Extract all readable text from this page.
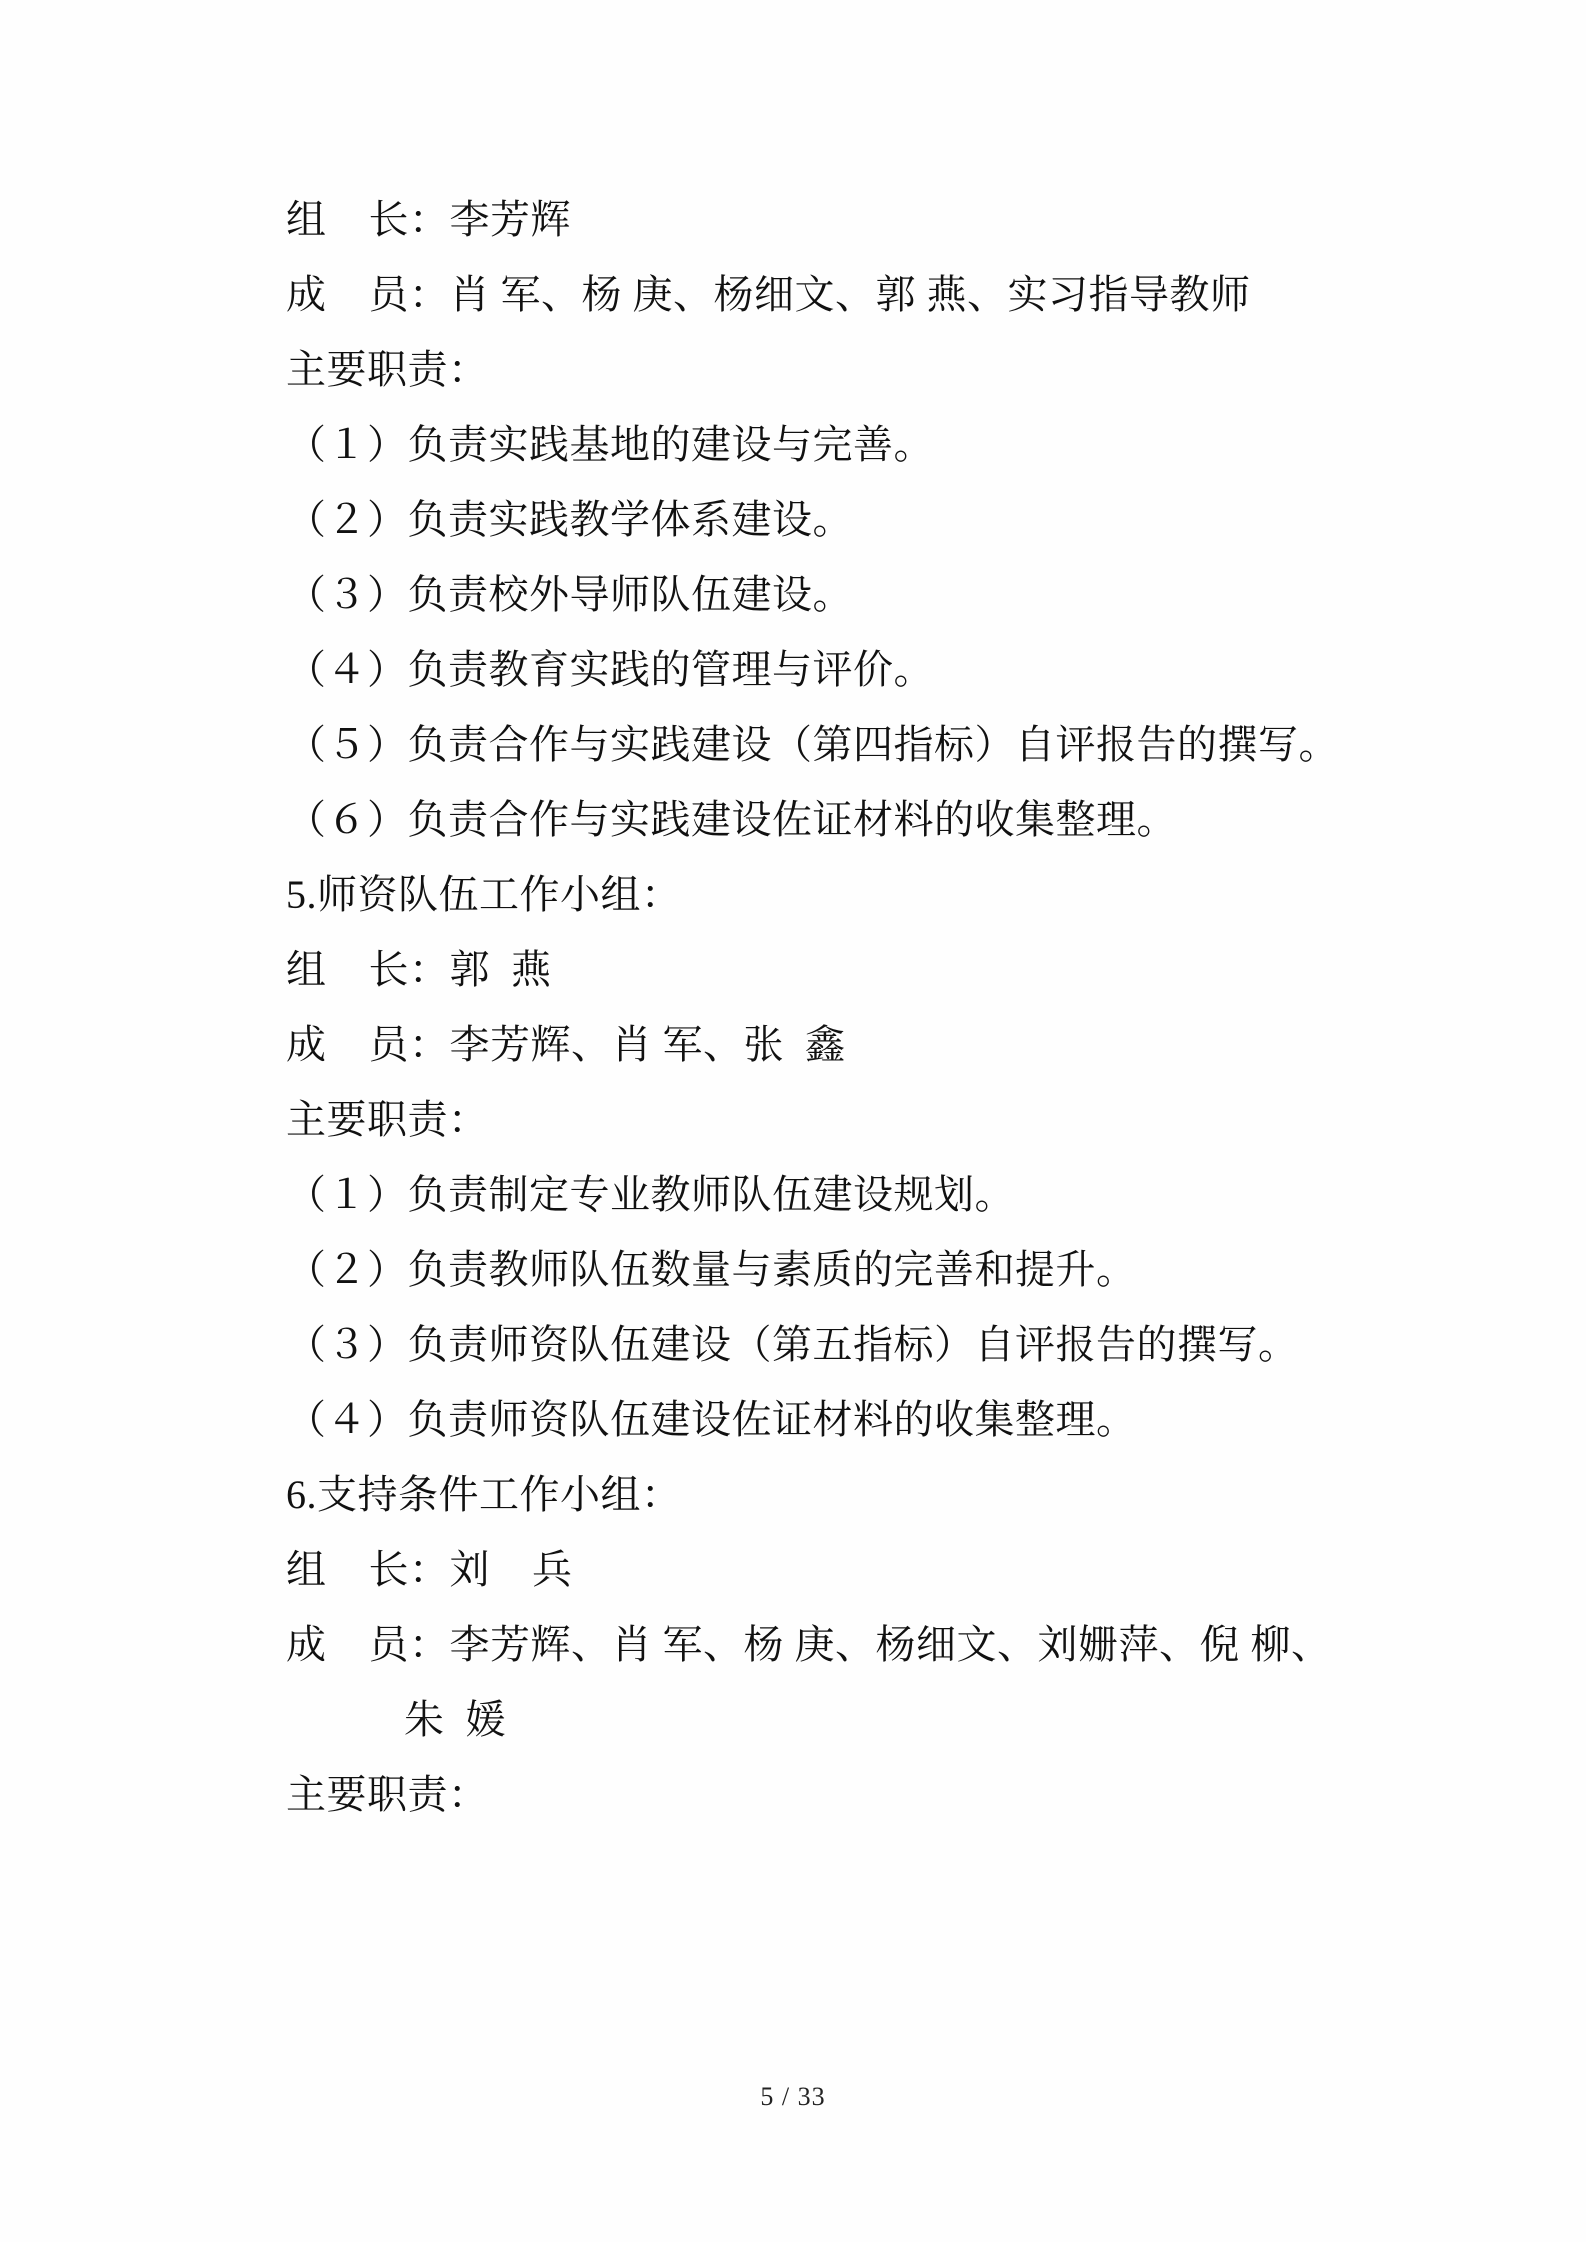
组    长：李芳辉
成    员：肖 军、杨 庚、杨细文、郭 燕、实习指导教师
主要职责：
（１）负责实践基地的建设与完善。
（２）负责实践教学体系建设。
（３）负责校外导师队伍建设。
（４）负责教育实践的管理与评价。
（５）负责合作与实践建设（第四指标）自评报告的撰写。
（６）负责合作与实践建设佐证材料的收集整理。
5.师资队伍工作小组：
组    长：郭  燕
成    员：李芳辉、肖 军、张  鑫
主要职责：
（１）负责制定专业教师队伍建设规划。
（２）负责教师队伍数量与素质的完善和提升。
（３）负责师资队伍建设（第五指标）自评报告的撰写。
（４）负责师资队伍建设佐证材料的收集整理。
6.支持条件工作小组：
组    长：刘    兵
成    员：李芳辉、肖 军、杨 庚、杨细文、刘姗萍、倪 柳、
朱  媛
主要职责：
5 / 33
